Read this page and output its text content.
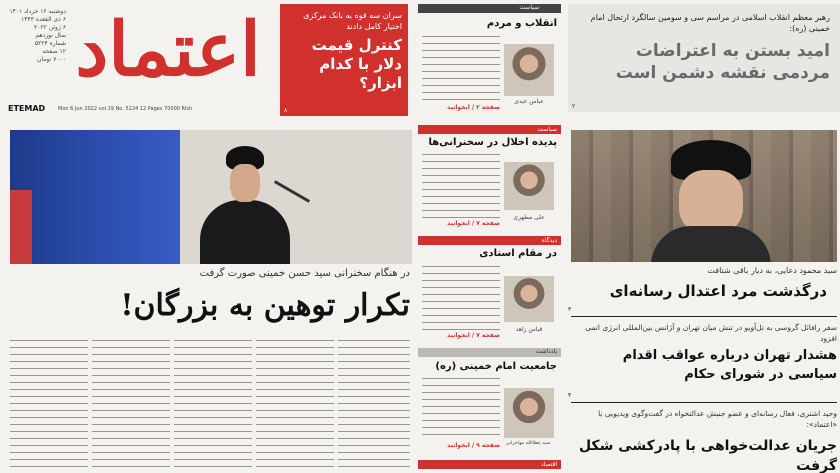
دوشنبه ۱۶ خرداد ۱۴۰۱
۶ ذی القعده ۱۴۴۳
۶ ژوئن ۲۰۲۲
سال نوزدهم
شماره ۵۲۲۴
۱۲ صفحه
۷۰۰۰ تومان اعتماد
ETEMAD	Mon 6 Jun 2022 vol.19 No. 5224 12 Pages 70000 Rlsh
سران سه قوه به بانک مرکزی اختیار کامل دادند
کنترل قیمت دلار با کدام ابزار؟
۸
رهبر معظم انقلاب اسلامی در مراسم سی و سومین سالگرد ارتحال امام خمینی (ره):
امید بستن به اعتراضات مردمی نقشه دشمن است
۲
سیاست
انقلاب و مردم
عباس عبدی
صفحه ۲ / ابخوانید
سیاست
پدیده اخلال در سخنرانی‌ها
علی مطهری
صفحه ۷ / ابخوانید
دیدگاه
در مقام استادی
قباس زاهد
صفحه ۷ / ابخوانید
یادداشت
جامعیت امام خمینی (ره)
سید عطاالله مهاجرانی
صفحه ۹ / ابخوانید
اقتصاد
در هنگام سخنرانی سید حسن خمینی صورت گرفت
تکرار توهین به بزرگان!
سید محمود دعایی، به دیار باقی شتافت
درگذشت مرد اعتدال رسانه‌ای
۳
سفر رافائل گروسی به تل‌آویو در تنش میان تهران و آژانس بین‌المللی انرژی اتمی افزود
هشدار تهران درباره عواقب اقدام سیاسی در شورای حکام
۴
وحید اشتری، فعال رسانه‌ای و عضو جنبش عدالتخواه در گفت‌وگوی ویدیویی با «اعتماد»:
جریان عدالت‌خواهی با پادرکشی شکل گرفت
